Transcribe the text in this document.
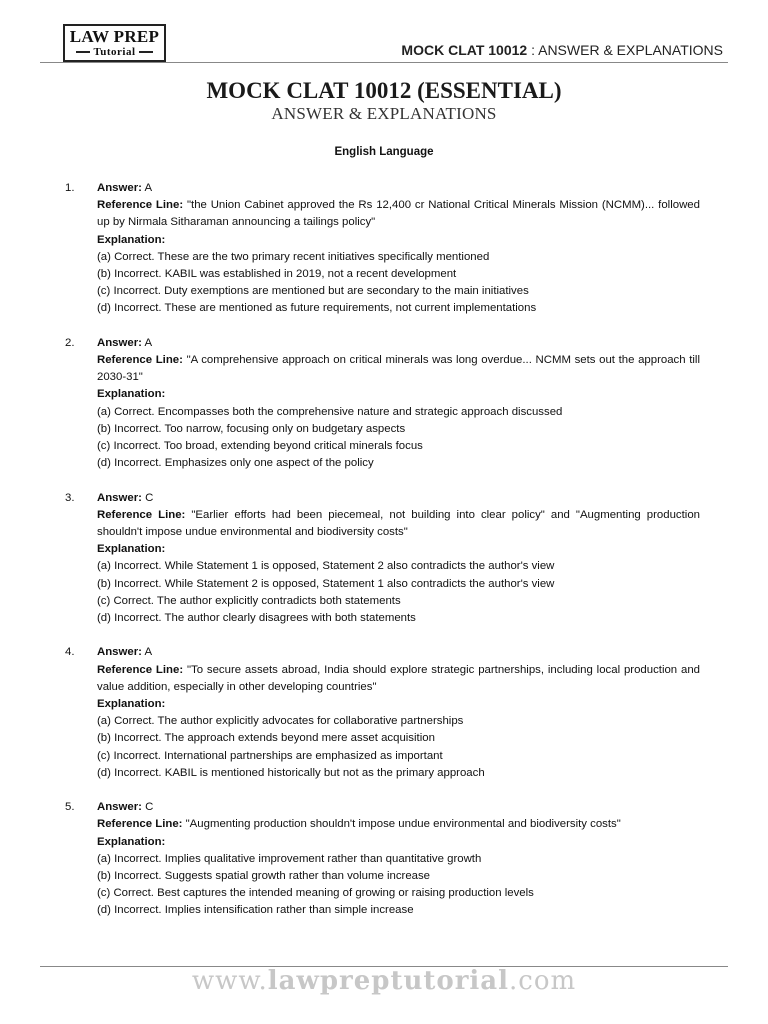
LAW PREP
Tutorial	MOCK CLAT 10012 : ANSWER & EXPLANATIONS
MOCK CLAT 10012 (ESSENTIAL)
ANSWER & EXPLANATIONS
English Language
1. Answer: A
Reference Line: "the Union Cabinet approved the Rs 12,400 cr National Critical Minerals Mission (NCMM)... followed up by Nirmala Sitharaman announcing a tailings policy"
Explanation:
(a) Correct. These are the two primary recent initiatives specifically mentioned
(b) Incorrect. KABIL was established in 2019, not a recent development
(c) Incorrect. Duty exemptions are mentioned but are secondary to the main initiatives
(d) Incorrect. These are mentioned as future requirements, not current implementations
2. Answer: A
Reference Line: "A comprehensive approach on critical minerals was long overdue... NCMM sets out the approach till 2030-31"
Explanation:
(a) Correct. Encompasses both the comprehensive nature and strategic approach discussed
(b) Incorrect. Too narrow, focusing only on budgetary aspects
(c) Incorrect. Too broad, extending beyond critical minerals focus
(d) Incorrect. Emphasizes only one aspect of the policy
3. Answer: C
Reference Line: "Earlier efforts had been piecemeal, not building into clear policy" and "Augmenting production shouldn't impose undue environmental and biodiversity costs"
Explanation:
(a) Incorrect. While Statement 1 is opposed, Statement 2 also contradicts the author's view
(b) Incorrect. While Statement 2 is opposed, Statement 1 also contradicts the author's view
(c) Correct. The author explicitly contradicts both statements
(d) Incorrect. The author clearly disagrees with both statements
4. Answer: A
Reference Line: "To secure assets abroad, India should explore strategic partnerships, including local production and value addition, especially in other developing countries"
Explanation:
(a) Correct. The author explicitly advocates for collaborative partnerships
(b) Incorrect. The approach extends beyond mere asset acquisition
(c) Incorrect. International partnerships are emphasized as important
(d) Incorrect. KABIL is mentioned historically but not as the primary approach
5. Answer: C
Reference Line: "Augmenting production shouldn't impose undue environmental and biodiversity costs"
Explanation:
(a) Incorrect. Implies qualitative improvement rather than quantitative growth
(b) Incorrect. Suggests spatial growth rather than volume increase
(c) Correct. Best captures the intended meaning of growing or raising production levels
(d) Incorrect. Implies intensification rather than simple increase
www.lawpreptutorial.com
